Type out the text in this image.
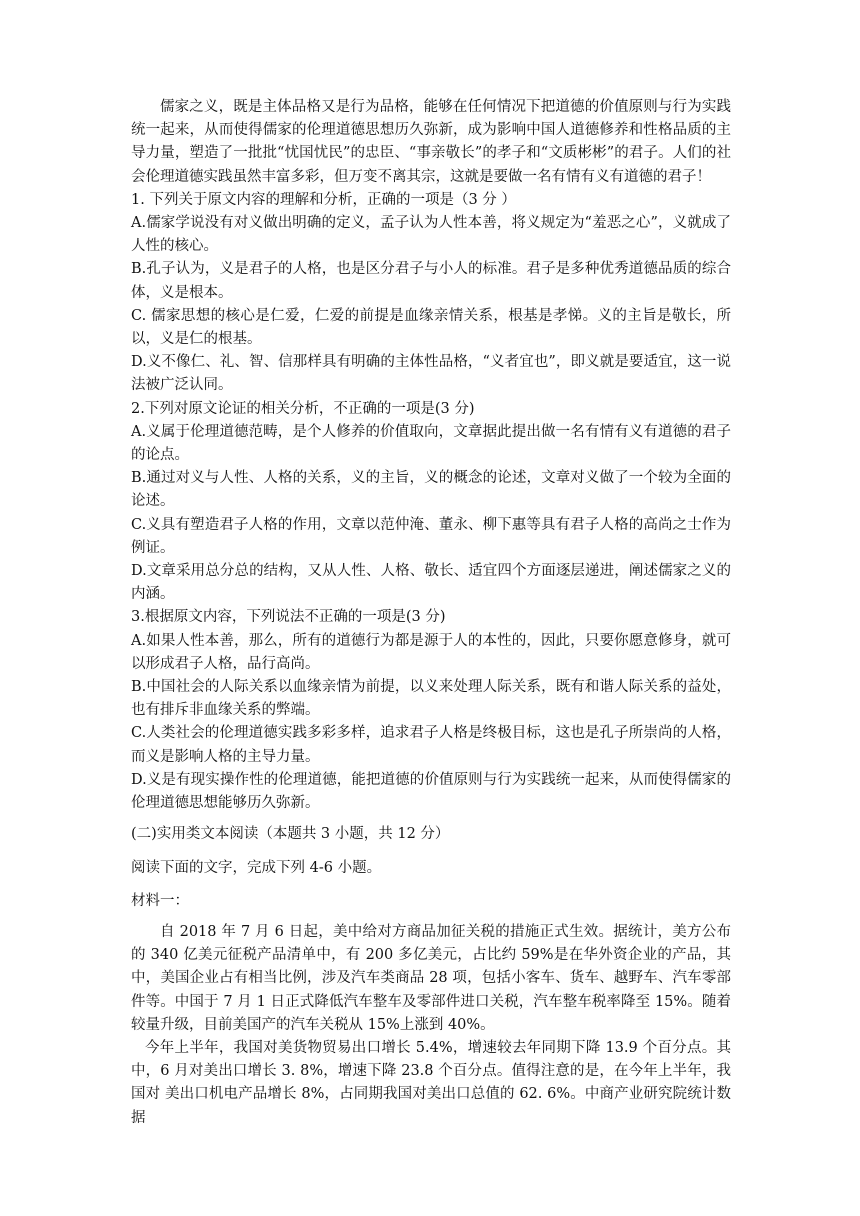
儒家之义，既是主体品格又是行为品格，能够在任何情况下把道德的价值原则与行为实践统一起来，从而使得儒家的伦理道德思想历久弥新，成为影响中国人道德修养和性格品质的主导力量，塑造了一批批“忧国忧民”的忠臣、“事亲敬长”的孝子和“文质彬彬”的君子。人们的社会伦理道德实践虽然丰富多彩，但万变不离其宗，这就是要做一名有情有义有道德的君子！

1. 下列关于原文内容的理解和分析，正确的一项是（3 分 ）

A.儒家学说没有对义做出明确的定义，孟子认为人性本善，将义规定为“羞恶之心”，义就成了人性的核心。

B.孔子认为，义是君子的人格，也是区分君子与小人的标准。君子是多种优秀道德品质的综合体，义是根本。

C. 儒家思想的核心是仁爱，仁爱的前提是血缘亲情关系，根基是孝悌。义的主旨是敬长，所以，义是仁的根基。

D.义不像仁、礼、智、信那样具有明确的主体性品格，“义者宜也”，即义就是要适宜，这一说法被广泛认同。

2.下列对原文论证的相关分析，不正确的一项是(3 分)

A.义属于伦理道德范畴，是个人修养的价值取向，文章据此提出做一名有情有义有道德的君子的论点。

B.通过对义与人性、人格的关系，义的主旨，义的概念的论述，文章对义做了一个较为全面的论述。

C.义具有塑造君子人格的作用，文章以范仲淹、董永、柳下惠等具有君子人格的高尚之士作为例证。

D.文章采用总分总的结构，又从人性、人格、敬长、适宜四个方面逐层递进，阐述儒家之义的内涵。

3.根据原文内容，下列说法不正确的一项是(3 分)

A.如果人性本善，那么，所有的道德行为都是源于人的本性的，因此，只要你愿意修身，就可以形成君子人格，品行高尚。

B.中国社会的人际关系以血缘亲情为前提，以义来处理人际关系，既有和谐人际关系的益处，也有排斥非血缘关系的弊端。

C.人类社会的伦理道德实践多彩多样，追求君子人格是终极目标，这也是孔子所崇尚的人格，而义是影响人格的主导力量。

D.义是有现实操作性的伦理道德，能把道德的价值原则与行为实践统一起来，从而使得儒家的伦理道德思想能够历久弥新。

(二)实用类文本阅读（本题共 3 小题，共 12 分）

阅读下面的文字，完成下列 4-6 小题。

材料一：

自 2018 年 7 月 6 日起，美中给对方商品加征关税的措施正式生效。据统计，美方公布的 340 亿美元征税产品清单中，有 200 多亿美元，占比约 59%是在华外资企业的产品，其中，美国企业占有相当比例，涉及汽车类商品 28 项，包括小客车、货车、越野车、汽车零部件等。中国于 7 月 1 日正式降低汽车整车及零部件进口关税，汽车整车税率降至 15%。随着较量升级，目前美国产的汽车关税从 15%上涨到 40%。

今年上半年，我国对美货物贸易出口增长 5.4%，增速较去年同期下降 13.9 个百分点。其 中，6 月对美出口增长 3. 8%，增速下降 23.8 个百分点。值得注意的是，在今年上半年，我国对 美出口机电产品增长 8%，占同期我国对美出口总值的 62. 6%。中商产业研究院统计数据
